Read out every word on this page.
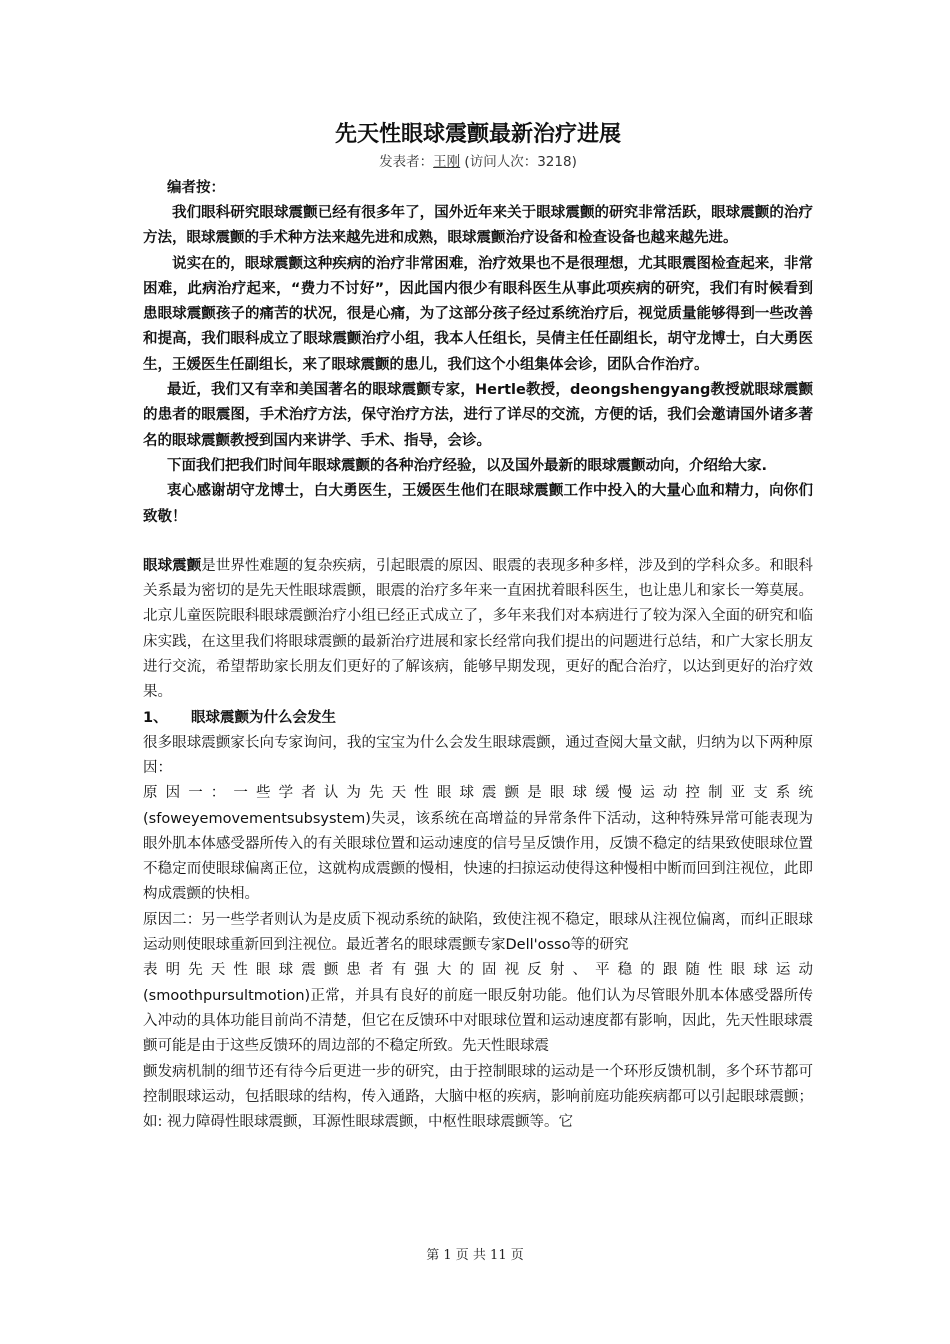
先天性眼球震颤最新治疗进展
发表者：王刚 (访问人次：3218)
编者按：

我们眼科研究眼球震颤已经有很多年了，国外近年来关于眼球震颤的研究非常活跃，眼球震颤的治疗方法，眼球震颤的手术种方法来越先进和成熟，眼球震颤治疗设备和检查设备也越来越先进。

说实在的，眼球震颤这种疾病的治疗非常困难，治疗效果也不是很理想，尤其眼震图检查起来，非常困难，此病治疗起来，“费力不讨好”，因此国内很少有眼科医生从事此项疾病的研究，我们有时候看到患眼球震颤孩子的痛苦的状况，很是心痛，为了这部分孩子经过系统治疗后，视觉质量能够得到一些改善和提高，我们眼科成立了眼球震颤治疗小组，我本人任组长，吴倩主任任副组长，胡守龙博士，白大勇医生，王媛医生任副组长，来了眼球震颤的患儿，我们这个小组集体会诊，团队合作治疗。

最近，我们又有幸和美国著名的眼球震颤专家，Hertle教授，deongshengyang教授就眼球震颤的患者的眼震图，手术治疗方法，保守治疗方法，进行了详尽的交流，方便的话，我们会邀请国外诸多著名的眼球震颤教授到国内来讲学、手术、指导，会诊。

下面我们把我们时间年眼球震颤的各种治疗经验，以及国外最新的眼球震颤动向，介绍给大家.

衷心感谢胡守龙博士，白大勇医生，王媛医生他们在眼球震颤工作中投入的大量心血和精力，向你们致敬！

眼球震颤是世界性难题的复杂疾病，引起眼震的原因、眼震的表现多种多样，涉及到的学科众多。和眼科关系最为密切的是先天性眼球震颤，眼震的治疗多年来一直困扰着眼科医生，也让患儿和家长一筹莫展。北京儿童医院眼科眼球震颤治疗小组已经正式成立了，多年来我们对本病进行了较为深入全面的研究和临床实践，在这里我们将眼球震颤的最新治疗进展和家长经常向我们提出的问题进行总结，和广大家长朋友进行交流，希望帮助家长朋友们更好的了解该病，能够早期发现，更好的配合治疗，以达到更好的治疗效果。

1、 眼球震颤为什么会发生

很多眼球震颤家长向专家询问，我的宝宝为什么会发生眼球震颤，通过查阅大量文献，归纳为以下两种原因：

原因一：一些学者认为先天性眼球震颤是眼球缓慢运动控制亚支系统

(sfoweyemovementsubsystem)失灵，该系统在高增益的异常条件下活动，这种特殊异常可能表现为眼外肌本体感受器所传入的有关眼球位置和运动速度的信号呈反馈作用，反馈不稳定的结果致使眼球位置不稳定而使眼球偏离正位，这就构成震颤的慢相，快速的扫掠运动使得这种慢相中断而回到注视位，此即构成震颤的快相。

原因二：另一些学者则认为是皮质下视动系统的缺陷，致使注视不稳定，眼球从注视位偏离，而纠正眼球运动则使眼球重新回到注视位。最近著名的眼球震颤专家Dell'osso等的研究

表明先天性眼球震颤患者有强大的固视反射、平稳的跟随性眼球运动

(smoothpursultmotion)正常，并具有良好的前庭一眼反射功能。他们认为尽管眼外肌本体感受器所传入冲动的具体功能目前尚不清楚，但它在反馈环中对眼球位置和运动速度都有影响，因此，先天性眼球震颤可能是由于这些反馈环的周边部的不稳定所致。先天性眼球震

颤发病机制的细节还有待今后更进一步的研究，由于控制眼球的运动是一个环形反馈机制，多个环节都可控制眼球运动，包括眼球的结构，传入通路，大脑中枢的疾病，影响前庭功能疾病都可以引起眼球震颤；如: 视力障碍性眼球震颤，耳源性眼球震颤，中枢性眼球震颤等。它

第 1 页 共 11 页
